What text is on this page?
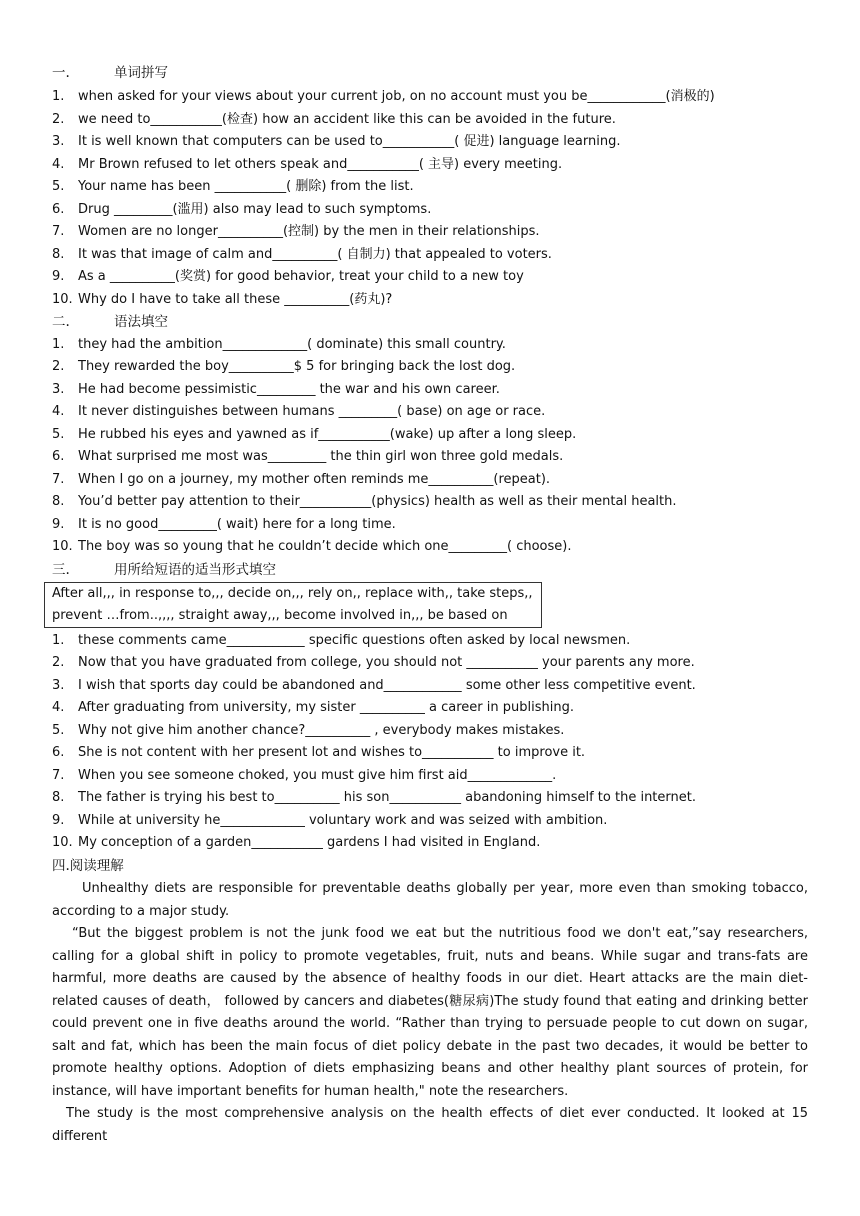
一.	单词拼写
1. when asked for your views about your current job, on no account must you be____________(消极的)
2. we need to___________(检查) how an accident like this can be avoided in the future.
3. It is well known that computers can be used to___________( 促进) language learning.
4. Mr Brown refused to let others speak and___________( 主导) every meeting.
5. Your name has been ___________( 删除) from the list.
6. Drug _________(滥用) also may lead to such symptoms.
7. Women are no longer__________(控制) by the men in their relationships.
8. It was that image of calm and__________( 自制力) that appealed to voters.
9. As a __________(奖赏) for good behavior, treat your child to a new toy
10. Why do I have to take all these __________(药丸)?
二.	语法填空
1. they had the ambition_____________( dominate) this small country.
2. They rewarded the boy__________$ 5 for bringing back the lost dog.
3. He had become pessimistic_________ the war and his own career.
4. It never distinguishes between humans _________( base) on age or race.
5. He rubbed his eyes and yawned as if___________(wake) up after a long sleep.
6. What surprised me most was_________ the thin girl won three gold medals.
7. When I go on a journey, my mother often reminds me__________(repeat).
8. You’d better pay attention to their___________(physics) health as well as their mental health.
9. It is no good_________( wait) here for a long time.
10. The boy was so young that he couldn’t decide which one_________( choose).
三.	用所给短语的适当形式填空
After all,,, in response to,,, decide on,,, rely on,, replace with,, take steps,,
prevent …from..,,,, straight away,,, become involved in,,, be based on
1. these comments came____________ specific questions often asked by local newsmen.
2. Now that you have graduated from college, you should not ___________ your parents any more.
3. I wish that sports day could be abandoned and____________ some other less competitive event.
4. After graduating from university, my sister __________ a career in publishing.
5. Why not give him another chance?__________ , everybody makes mistakes.
6. She is not content with her present lot and wishes to___________ to improve it.
7. When you see someone choked, you must give him first aid_____________.
8. The father is trying his best to__________ his son___________ abandoning himself to the internet.
9. While at university he_____________ voluntary work and was seized with ambition.
10. My conception of a garden___________ gardens I had visited in England.
四.阅读理解

Unhealthy diets are responsible for preventable deaths globally per year, more even than smoking tobacco, according to a major study.

“But the biggest problem is not the junk food we eat but the nutritious food we don't eat,”say researchers, calling for a global shift in policy to promote vegetables, fruit, nuts and beans. While sugar and trans-fats are harmful, more deaths are caused by the absence of healthy foods in our diet. Heart attacks are the main diet-related causes of death， followed by cancers and diabetes(糖尿病)The study found that eating and drinking better could prevent one in five deaths around the world. “Rather than trying to persuade people to cut down on sugar, salt and fat, which has been the main focus of diet policy debate in the past two decades, it would be better to promote healthy options. Adoption of diets emphasizing beans and other healthy plant sources of protein, for instance, will have important benefits for human health," note the researchers.

The study is the most comprehensive analysis on the health effects of diet ever conducted. It looked at 15 different
